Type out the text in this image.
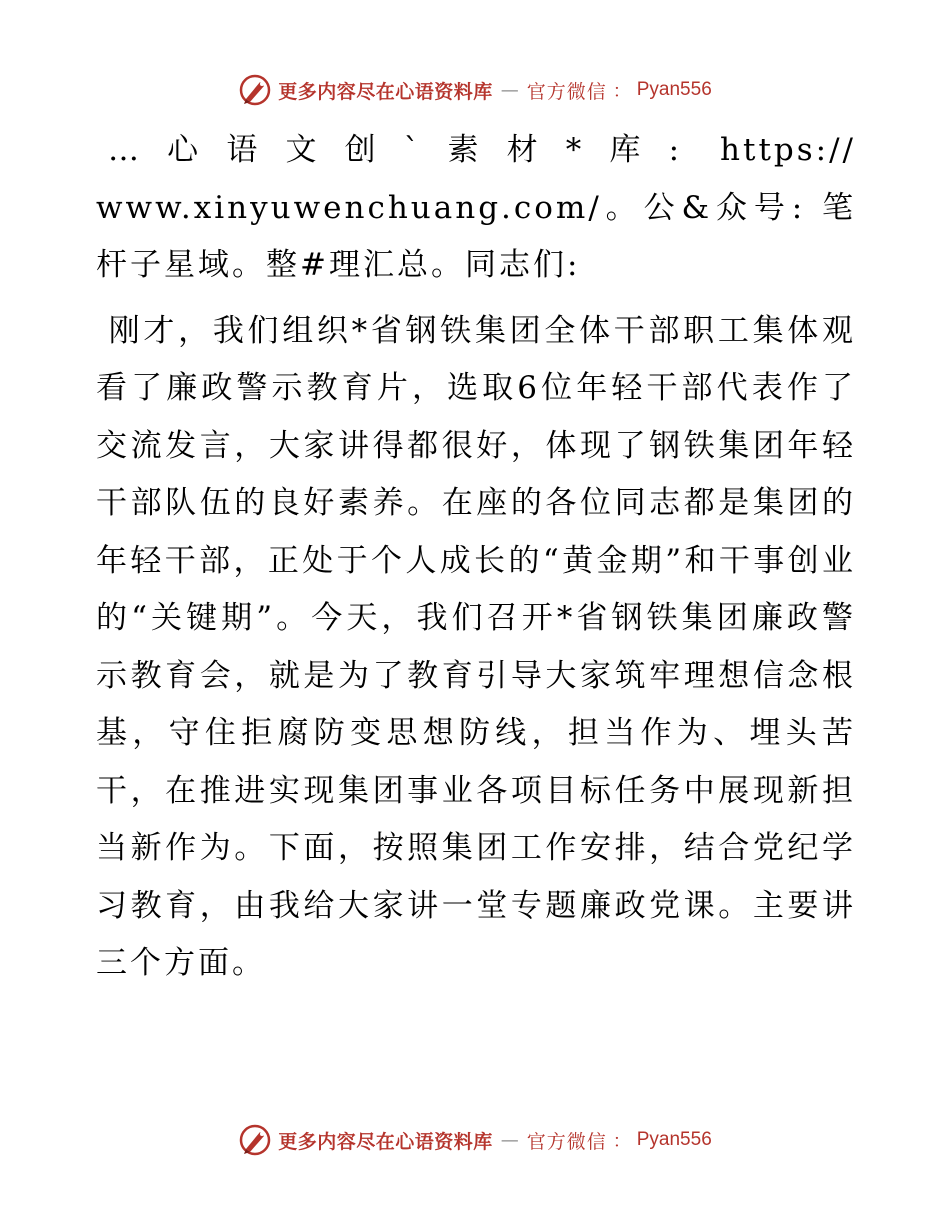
更多内容尽在心语资料库 — 官方微信 ： Pyan556

…心语文创`素材*库: https:// www.xinyuwenchuang.com/。公&众号: 笔杆子星域。整#理汇总。同志们:

刚才，我们组织*省钢铁集团全体干部职工集体观看了廉政警示教育片，选取6位年轻干部代表作了交流发言，大家讲得都很好，体现了钢铁集团年轻干部队伍的良好素养。在座的各位同志都是集团的年轻干部，正处于个人成长的“黄金期”和干事创业的“关键期”。今天，我们召开*省钢铁集团廉政警示教育会，就是为了教育引导大家筑牢理想信念根基，守住拒腐防变思想防线，担当作为、埋头苦干，在推进实现集团事业各项目标任务中展现新担当新作为。下面，按照集团工作安排，结合党纪学习教育，由我给大家讲一堂专题廉政党课。主要讲三个方面。

更多内容尽在心语资料库 — 官方微信 ： Pyan556
